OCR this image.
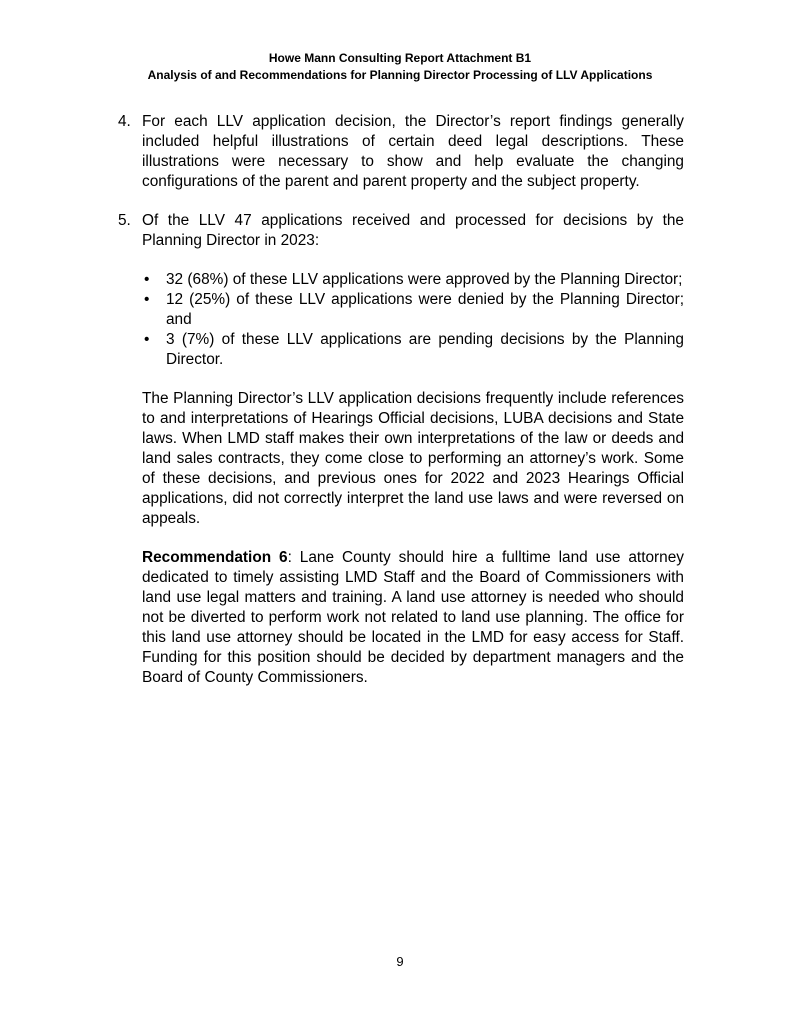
Howe Mann Consulting Report Attachment B1
Analysis of and Recommendations for Planning Director Processing of LLV Applications
4. For each LLV application decision, the Director’s report findings generally included helpful illustrations of certain deed legal descriptions. These illustrations were necessary to show and help evaluate the changing configurations of the parent and parent property and the subject property.
5. Of the LLV 47 applications received and processed for decisions by the Planning Director in 2023:
• 32 (68%) of these LLV applications were approved by the Planning Director;
• 12 (25%) of these LLV applications were denied by the Planning Director; and
• 3 (7%) of these LLV applications are pending decisions by the Planning Director.

The Planning Director’s LLV application decisions frequently include references to and interpretations of Hearings Official decisions, LUBA decisions and State laws. When LMD staff makes their own interpretations of the law or deeds and land sales contracts, they come close to performing an attorney’s work. Some of these decisions, and previous ones for 2022 and 2023 Hearings Official applications, did not correctly interpret the land use laws and were reversed on appeals.

Recommendation 6: Lane County should hire a fulltime land use attorney dedicated to timely assisting LMD Staff and the Board of Commissioners with land use legal matters and training. A land use attorney is needed who should not be diverted to perform work not related to land use planning. The office for this land use attorney should be located in the LMD for easy access for Staff. Funding for this position should be decided by department managers and the Board of County Commissioners.

9
